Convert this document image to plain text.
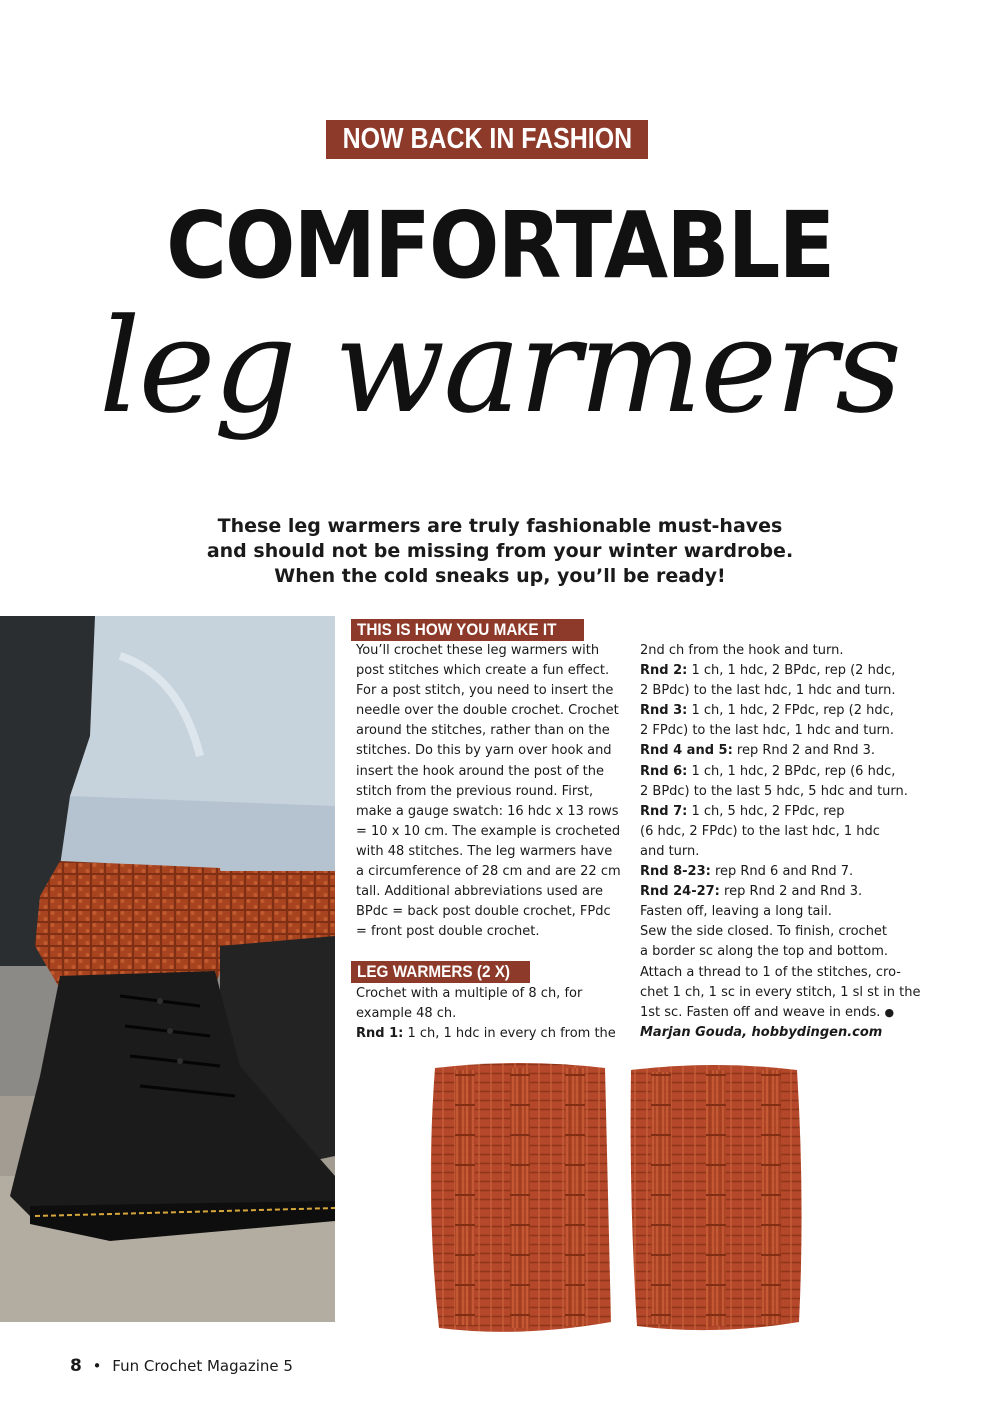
NOW BACK IN FASHION
COMFORTABLE
leg warmers
These leg warmers are truly fashionable must-haves
and should not be missing from your winter wardrobe.
When the cold sneaks up, you’ll be ready!
THIS IS HOW YOU MAKE IT

You’ll crochet these leg warmers with

post stitches which create a fun effect.

For a post stitch, you need to insert the

needle over the double crochet. Crochet

around the stitches, rather than on the

stitches. Do this by yarn over hook and

insert the hook around the post of the

stitch from the previous round. First,

make a gauge swatch: 16 hdc x 13 rows

= 10 x 10 cm. The example is crocheted

with 48 stitches. The leg warmers have

a circumference of 28 cm and are 22 cm

tall. Additional abbreviations used are

BPdc = back post double crochet, FPdc

= front post double crochet.

LEG WARMERS (2 X)

Crochet with a multiple of 8 ch, for

example 48 ch.

Rnd 1: 1 ch, 1 hdc in every ch from the

2nd ch from the hook and turn.

Rnd 2: 1 ch, 1 hdc, 2 BPdc, rep (2 hdc,

2 BPdc) to the last hdc, 1 hdc and turn.

Rnd 3: 1 ch, 1 hdc, 2 FPdc, rep (2 hdc,

2 FPdc) to the last hdc, 1 hdc and turn.

Rnd 4 and 5: rep Rnd 2 and Rnd 3.

Rnd 6: 1 ch, 1 hdc, 2 BPdc, rep (6 hdc,

2 BPdc) to the last 5 hdc, 5 hdc and turn.

Rnd 7: 1 ch, 5 hdc, 2 FPdc, rep

(6 hdc, 2 FPdc) to the last hdc, 1 hdc

and turn.

Rnd 8-23: rep Rnd 6 and Rnd 7.

Rnd 24-27: rep Rnd 2 and Rnd 3.

Fasten off, leaving a long tail.

Sew the side closed. To finish, crochet

a border sc along the top and bottom.

Attach a thread to 1 of the stitches, cro-

chet 1 ch, 1 sc in every stitch, 1 sl st in the

1st sc. Fasten off and weave in ends. ●

Marjan Gouda, hobbydingen.com

8 • Fun Crochet Magazine 5
